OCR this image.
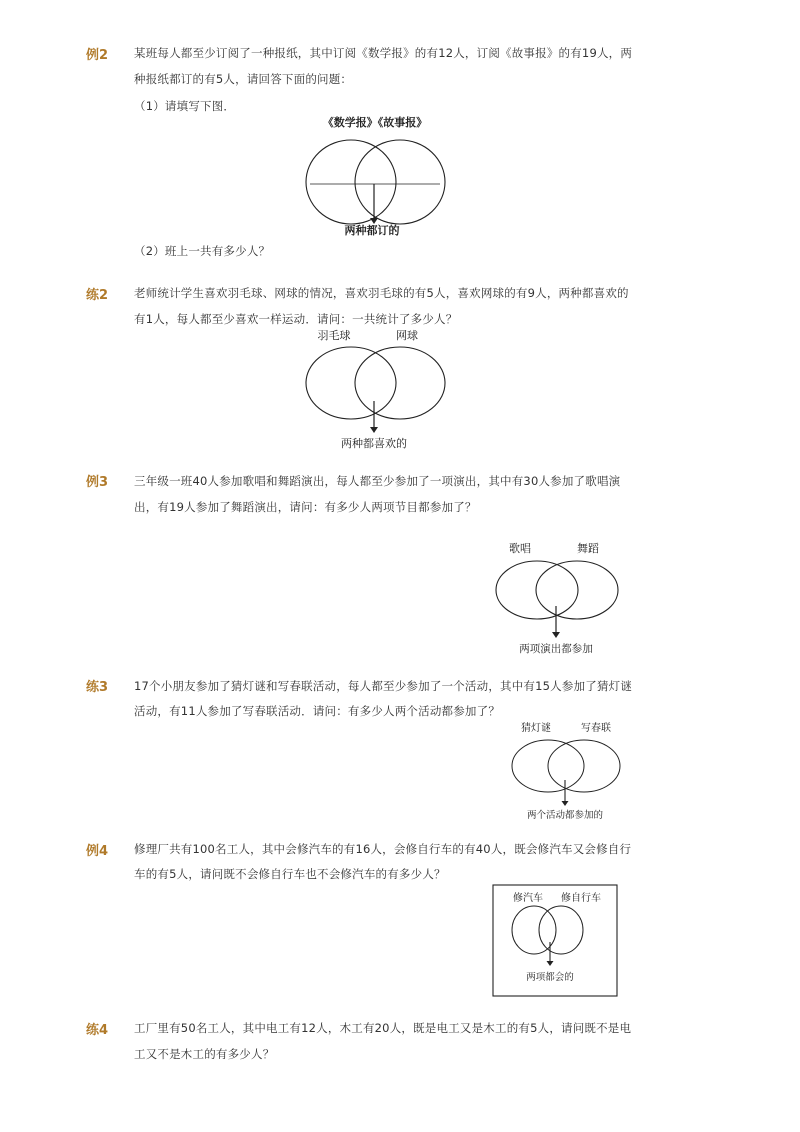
例2 某班每人都至少订阅了一种报纸，其中订阅《数学报》的有12人，订阅《故事报》的有19人，两
种报纸都订的有5人，请回答下面的问题：
（1）请填写下图．
《数学报》《故事报》
两种都订的
（2）班上一共有多少人？
练2 老师统计学生喜欢羽毛球、网球的情况，喜欢羽毛球的有5人，喜欢网球的有9人，两种都喜欢的
有1人，每人都至少喜欢一样运动．请问：一共统计了多少人？
羽毛球	网球
两种都喜欢的
例3 三年级一班40人参加歌唱和舞蹈演出，每人都至少参加了一项演出，其中有30人参加了歌唱演
出，有19人参加了舞蹈演出，请问：有多少人两项节目都参加了？
歌唱	舞蹈
两项演出都参加
练3 17个小朋友参加了猜灯谜和写春联活动，每人都至少参加了一个活动，其中有15人参加了猜灯谜
活动，有11人参加了写春联活动．请问：有多少人两个活动都参加了？
猜灯谜	写春联
两个活动都参加的
例4 修理厂共有100名工人，其中会修汽车的有16人，会修自行车的有40人，既会修汽车又会修自行
车的有5人，请问既不会修自行车也不会修汽车的有多少人？
修汽车 修自行车
两项都会的
练4 工厂里有50名工人，其中电工有12人，木工有20人，既是电工又是木工的有5人，请问既不是电
工又不是木工的有多少人？
